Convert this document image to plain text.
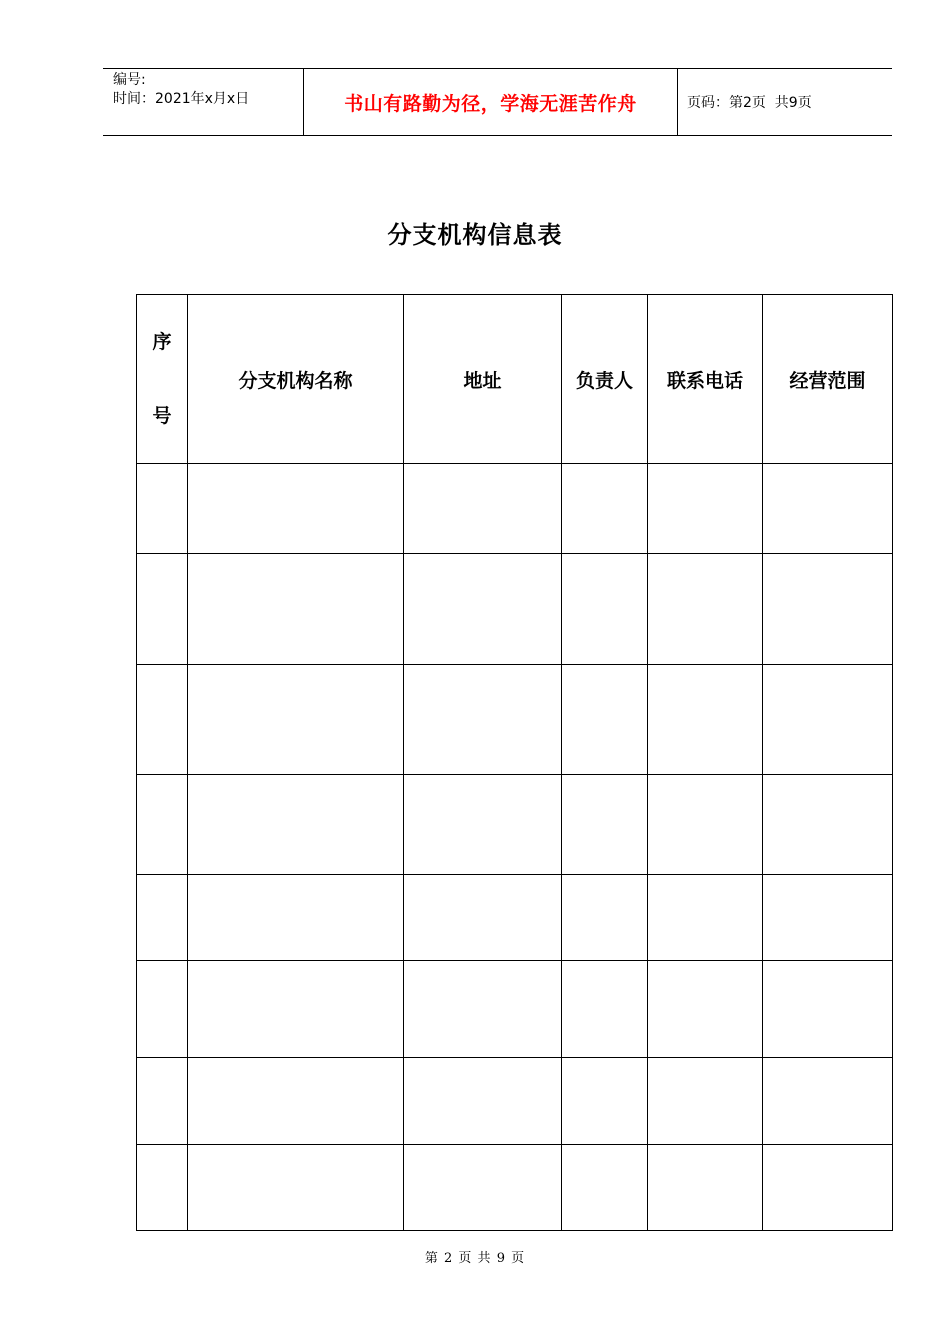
编号:
时间：2021年x月x日	书山有路勤为径，学海无涯苦作舟	页码：第2页  共9页
分支机构信息表
序
号	分支机构名称	地址	负责人	联系电话	经营范围

第 2 页 共 9 页
